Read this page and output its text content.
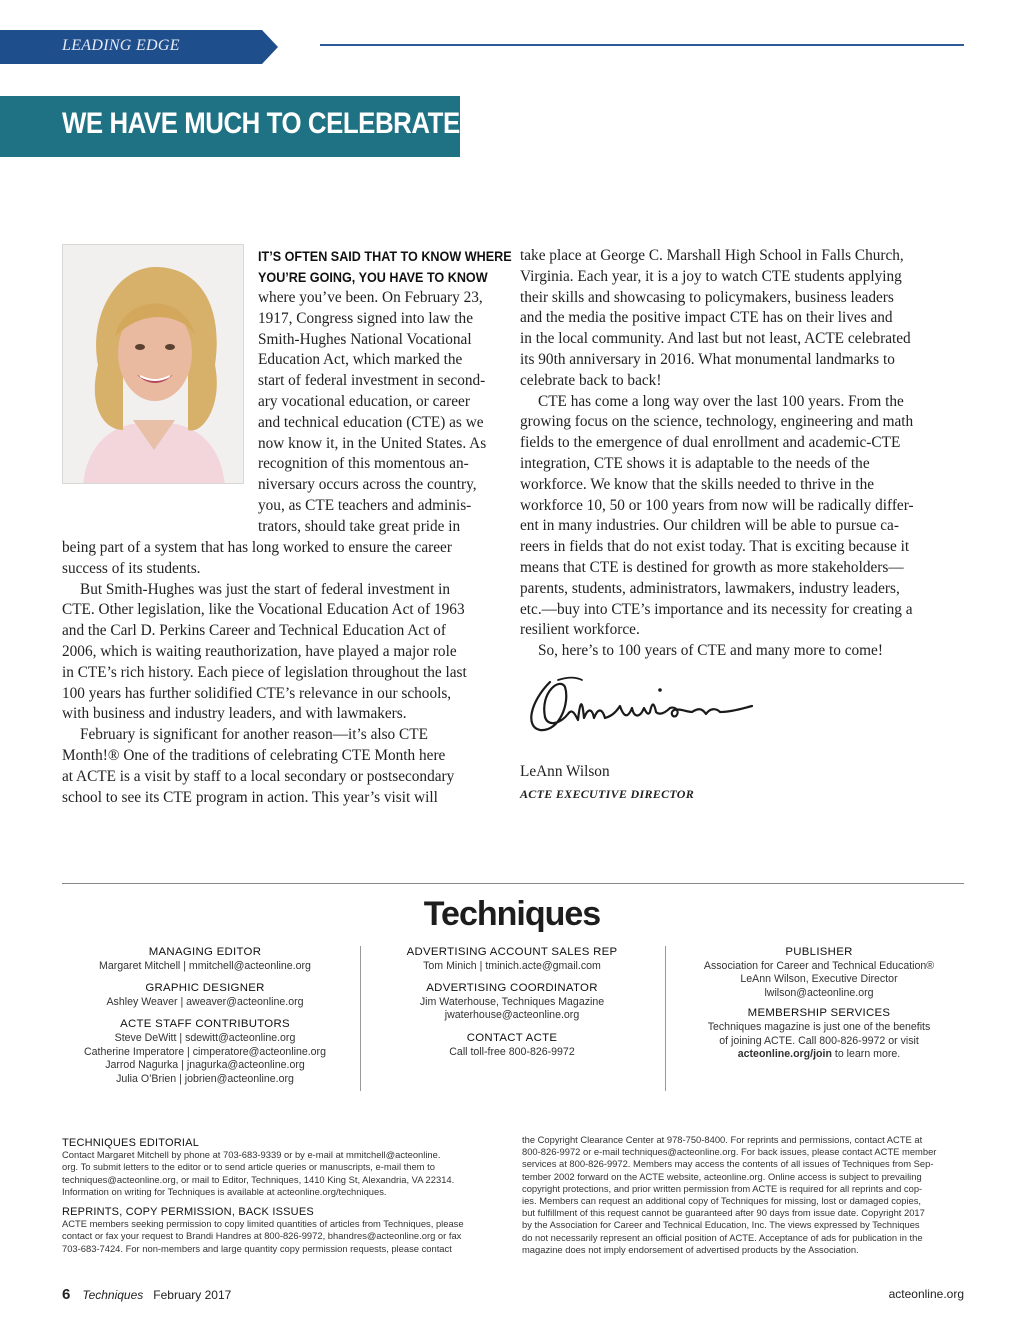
LEADING EDGE
WE HAVE MUCH TO CELEBRATE!
IT’S OFTEN SAID THAT TO KNOW WHERE
YOU’RE GOING, YOU HAVE TO KNOW
where you’ve been. On February 23,
1917, Congress signed into law the
Smith-Hughes National Vocational
Education Act, which marked the
start of federal investment in second-
ary vocational education, or career
and technical education (CTE) as we
now know it, in the United States. As
recognition of this momentous an-
niversary occurs across the country,
you, as CTE teachers and adminis-
trators, should take great pride in
being part of a system that has long worked to ensure the career
success of its students.
But Smith-Hughes was just the start of federal investment in
CTE. Other legislation, like the Vocational Education Act of 1963
and the Carl D. Perkins Career and Technical Education Act of
2006, which is waiting reauthorization, have played a major role
in CTE’s rich history. Each piece of legislation throughout the last
100 years has further solidified CTE’s relevance in our schools,
with business and industry leaders, and with lawmakers.
February is significant for another reason—it’s also CTE
Month!® One of the traditions of celebrating CTE Month here
at ACTE is a visit by staff to a local secondary or postsecondary
school to see its CTE program in action. This year’s visit will
take place at George C. Marshall High School in Falls Church,
Virginia. Each year, it is a joy to watch CTE students applying
their skills and showcasing to policymakers, business leaders
and the media the positive impact CTE has on their lives and
in the local community. And last but not least, ACTE celebrated
its 90th anniversary in 2016. What monumental landmarks to
celebrate back to back!
CTE has come a long way over the last 100 years. From the
growing focus on the science, technology, engineering and math
fields to the emergence of dual enrollment and academic-CTE
integration, CTE shows it is adaptable to the needs of the
workforce. We know that the skills needed to thrive in the
workforce 10, 50 or 100 years from now will be radically differ-
ent in many industries. Our children will be able to pursue ca-
reers in fields that do not exist today. That is exciting because it
means that CTE is destined for growth as more stakeholders—
parents, students, administrators, lawmakers, industry leaders,
etc.—buy into CTE’s importance and its necessity for creating a
resilient workforce.
So, here’s to 100 years of CTE and many more to come!
LeAnn Wilson
ACTE EXECUTIVE DIRECTOR
Techniques
MANAGING EDITOR
Margaret Mitchell | mmitchell@acteonline.org
GRAPHIC DESIGNER
Ashley Weaver | aweaver@acteonline.org
ACTE STAFF CONTRIBUTORS
Steve DeWitt | sdewitt@acteonline.org
Catherine Imperatore | cimperatore@acteonline.org
Jarrod Nagurka | jnagurka@acteonline.org
Julia O’Brien | jobrien@acteonline.org
ADVERTISING ACCOUNT SALES REP
Tom Minich | tminich.acte@gmail.com
ADVERTISING COORDINATOR
Jim Waterhouse, Techniques Magazine
jwaterhouse@acteonline.org
CONTACT ACTE
Call toll-free 800-826-9972
PUBLISHER
Association for Career and Technical Education®
LeAnn Wilson, Executive Director
lwilson@acteonline.org
MEMBERSHIP SERVICES
Techniques magazine is just one of the benefits
of joining ACTE. Call 800-826-9972 or visit
acteonline.org/join to learn more.
TECHNIQUES EDITORIAL
Contact Margaret Mitchell by phone at 703-683-9339 or by e-mail at mmitchell@acteonline.
org. To submit letters to the editor or to send article queries or manuscripts, e-mail them to
techniques@acteonline.org, or mail to Editor, Techniques, 1410 King St, Alexandria, VA 22314.
Information on writing for Techniques is available at acteonline.org/techniques.
REPRINTS, COPY PERMISSION, BACK ISSUES
ACTE members seeking permission to copy limited quantities of articles from Techniques, please
contact or fax your request to Brandi Handres at 800-826-9972, bhandres@acteonline.org or fax
703-683-7424. For non-members and large quantity copy permission requests, please contact
the Copyright Clearance Center at 978-750-8400. For reprints and permissions, contact ACTE at
800-826-9972 or e-mail techniques@acteonline.org. For back issues, please contact ACTE member
services at 800-826-9972. Members may access the contents of all issues of Techniques from Sep-
tember 2002 forward on the ACTE website, acteonline.org. Online access is subject to prevailing
copyright protections, and prior written permission from ACTE is required for all reprints and cop-
ies. Members can request an additional copy of Techniques for missing, lost or damaged copies,
but fulfillment of this request cannot be guaranteed after 90 days from issue date. Copyright 2017
by the Association for Career and Technical Education, Inc. The views expressed by Techniques
do not necessarily represent an official position of ACTE. Acceptance of ads for publication in the
magazine does not imply endorsement of advertised products by the Association.
6 Techniques February 2017	acteonline.org
